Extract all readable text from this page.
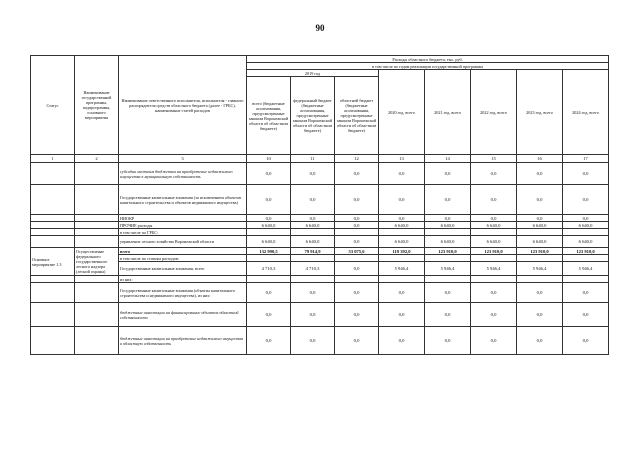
90
Статус	Наименование государственной программы, подпрограммы, основного мероприятия	Наименование ответственного исполнителя, исполнителя - главного распорядителя средств областного бюджета (далее - ГРБС), наименование статей расходов	Расходы областного бюджета, тыс. руб.							
			в том числе по годам реализации государственной программы							
			2019 год			2020 год, всего	2021 год, всего	2022 год, всего	2023 год, всего	2024 год, всего
			всего (бюджетные ассигнования, предусмотренные законом Воронежской области об областном бюджете)	федеральный бюджет (бюджетные ассигнования, предусмотренные законом Воронежской области об областном бюджете)	областной бюджет (бюджетные ассигнования, предусмотренные законом Воронежской области об областном бюджете)					
1	2	3	10	11	12	13	14	15	16	17
		субсидии местным бюджетам на приобретение недвижимого имущества в муниципальную собственность	0,0	0,0	0,0	0,0	0,0	0,0	0,0	0,0
		Государственные капитальные вложения (за исключением объектов капитального строительства и объектов недвижимого имущества)	0,0	0,0	0,0	0,0	0,0	0,0	0,0	0,0
		НИОКР	0,0	0,0	0,0	0,0	0,0	0,0	0,0	0,0
		ПРОЧИЕ расходы	6 640,0	6 640,0	0,0	6 640,0	6 640,0	6 640,0	6 640,0	6 640,0
		в том числе по ГРБС:								
		управление лесного хозяйства Воронежской области	6 640,0	6 640,0	0,0	6 640,0	6 640,0	6 640,0	6 640,0	6 640,0
Основное мероприятие 1.3	Осуществление федерального государственного лесного надзора (лесной охраны)	всего	132 990,5	79 914,9	53 075,6	119 392,0	123 910,0	123 910,0	123 910,0	123 910,0
		в том числе по статьям расходов:								
		Государственные капитальные вложения, всего	4 710,3	4 710,3	0,0	5 946,4	5 946,4	5 946,4	5 946,4	5 946,4
		из них:								
		Государственные капитальные вложения (объекты капитального строительства и недвижимого имущества), из них:	0,0	0,0	0,0	0,0	0,0	0,0	0,0	0,0
		бюджетные инвестиции на финансирование объектов областной собственности	0,0	0,0	0,0	0,0	0,0	0,0	0,0	0,0
		бюджетные инвестиции на приобретение недвижимого имущества в областную собственность	0,0	0,0	0,0	0,0	0,0	0,0	0,0	0,0
